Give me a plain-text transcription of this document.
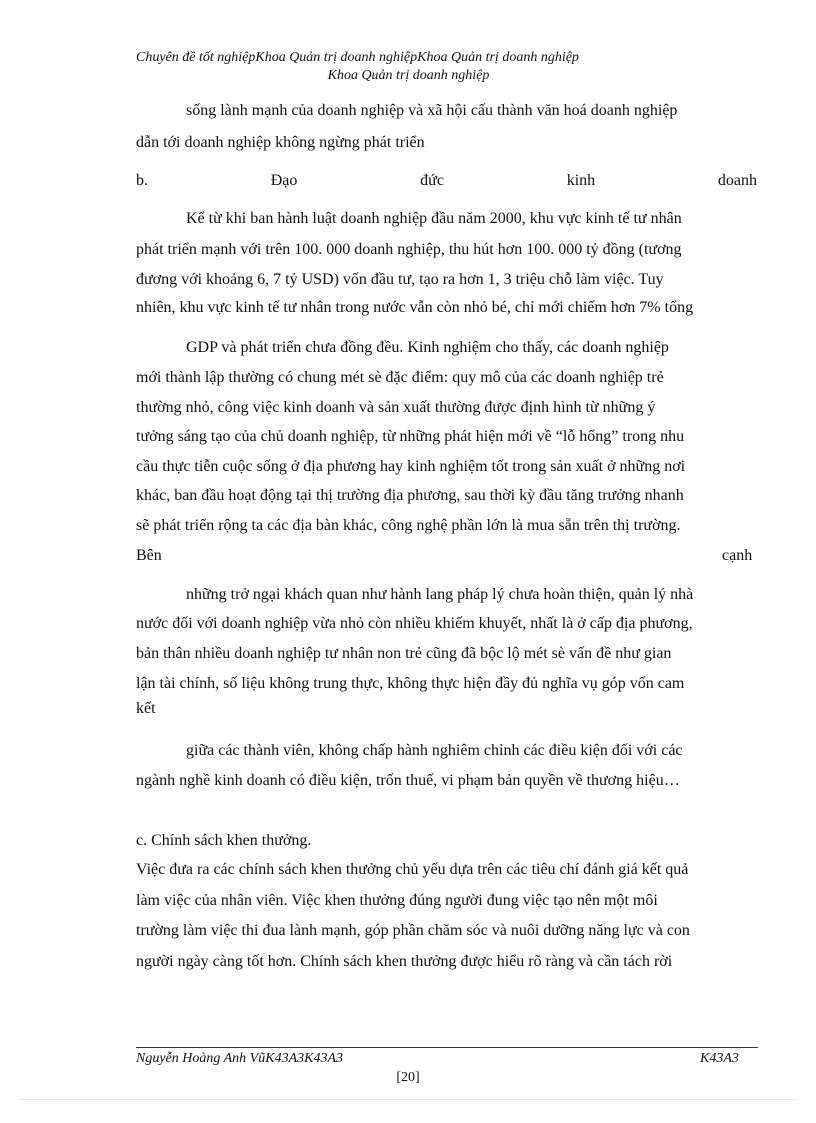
Chuyên đề tốt nghiệpKhoa Quản trị doanh nghiệpKhoa Quản trị doanh nghiệp
Khoa Quản trị doanh nghiệp
sống lành mạnh của doanh nghiệp và xã hội cấu thành văn hoá doanh nghiệp
dẫn tới doanh nghiệp không ngừng phát triển
b.	Đạo	đức	kinh	doanh
Kể từ khi ban hành luật doanh nghiệp đầu năm 2000, khu vực kinh tế tư nhân
phát triển mạnh với trên 100. 000 doanh nghiệp, thu hút hơn 100. 000 tỷ đồng (tương
đương với khoảng 6, 7 tỷ USD) vốn đầu tư, tạo ra hơn 1, 3 triệu chỗ làm việc. Tuy
nhiên, khu vực kinh tế tư nhân trong nước vẫn còn nhỏ bé, chỉ mới chiếm hơn 7% tổng
GDP và phát triển chưa đồng đều. Kinh nghiệm cho thấy, các doanh nghiệp
mới thành lập thường có chung mét sè đặc điểm: quy mô của các doanh nghiệp trẻ
thường nhỏ, công việc kinh doanh và sản xuất thường được định hình từ những ý
tưởng sáng tạo của chủ doanh nghiệp, từ những phát hiện mới về “lỗ hổng” trong nhu
cầu thực tiễn cuộc sống ở địa phương hay kinh nghiệm tốt trong sản xuất ở những nơi
khác, ban đầu hoạt động tại thị trường địa phương, sau thời kỳ đầu tăng trưởng nhanh
sẽ phát triển rộng ta các địa bàn khác, công nghệ phần lớn là mua sẵn trên thị trường.
Bên	cạnh
những trở ngại khách quan như hành lang pháp lý chưa hoàn thiện, quản lý nhà
nước đối với doanh nghiệp vừa nhỏ còn nhiều khiếm khuyết, nhất là ở cấp địa phương,
bản thân nhiều doanh nghiệp tư nhân non trẻ cũng đã bộc lộ mét sè vấn đề như gian
lận tài chính, số liệu không trung thực, không thực hiện đầy đủ nghĩa vụ góp vốn cam
kết
giữa các thành viên, không chấp hành nghiêm chỉnh các điều kiện đối với các
ngành nghề kinh doanh có điều kiện, trốn thuế, vi phạm bản quyền về thương hiệu…
c. Chính sách khen thưởng.
Việc đưa ra các chính sách khen thưởng chủ yếu dựa trên các tiêu chí đánh giá kết quả
làm việc của nhân viên. Việc khen thưởng đúng người đung việc tạo nên một môi
trường làm việc thi đua lành mạnh, góp phần chăm sóc và nuôi dưỡng năng lực và con
người ngày càng tốt hơn. Chính sách khen thưởng được hiểu rõ ràng và cần tách rời
Nguyễn Hoàng Anh VũK43A3K43A3	K43A3
[20]
